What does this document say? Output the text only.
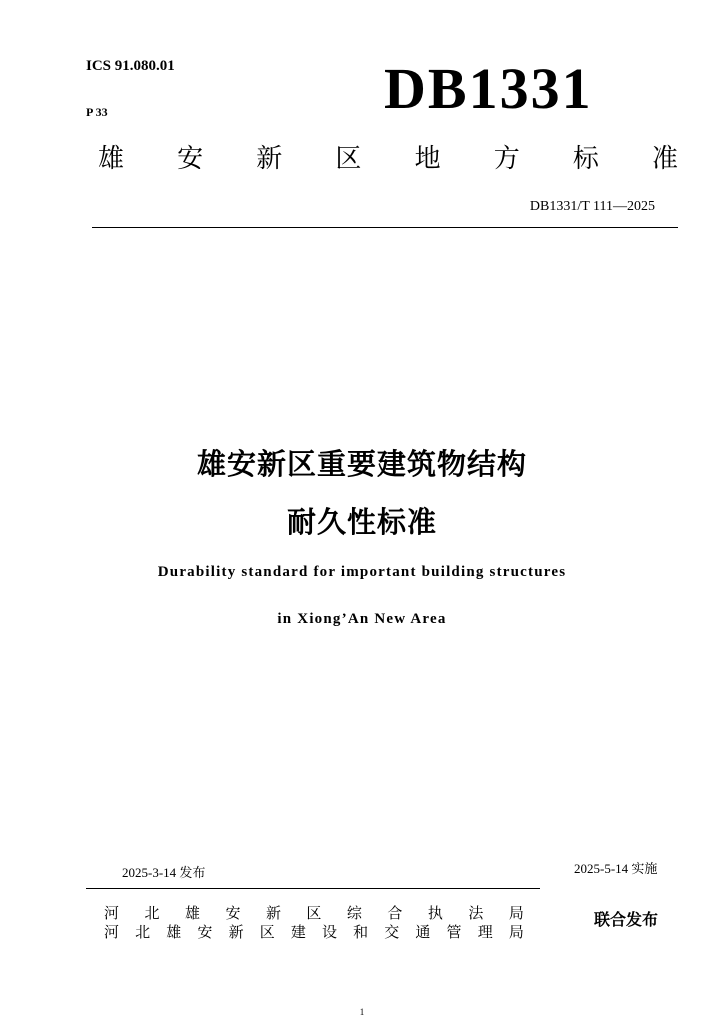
ICS 91.080.01
P 33	DB1331
雄 安 新 区 地 方 标 准
DB1331/T 111—2025
雄安新区重要建筑物结构
耐久性标准
Durability standard for important building structures
in Xiong’An New Area
2025-3-14 发布	2025-5-14 实施
河 北 雄 安 新 区 综 合 执 法 局
河 北 雄 安 新 区 建 设 和 交 通 管 理 局
联合发布
1
